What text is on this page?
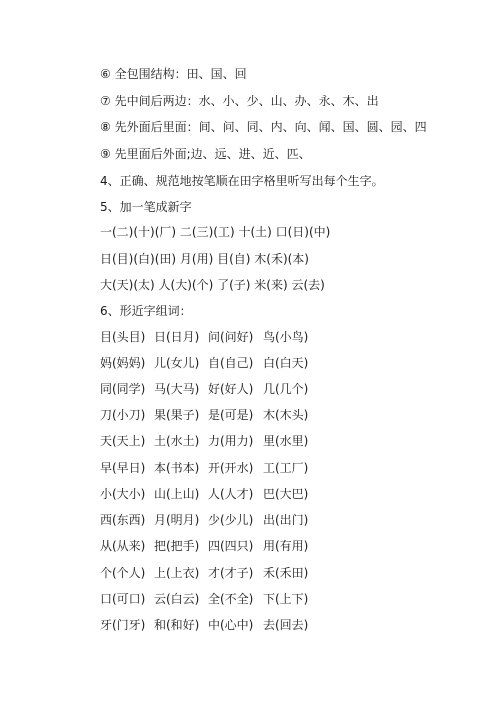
⑥ 全包围结构：田、国、回
⑦ 先中间后两边：水、小、少、山、办、永、木、出
⑧ 先外面后里面：间、问、同、内、向、闻、国、圆、园、四
⑨ 先里面后外面;边、远、进、近、匹、
4、正确、规范地按笔顺在田字格里听写出每个生字。
5、加一笔成新字
一(二)(十)(厂) 二(三)(工) 十(土) 口(日)(中)
日(目)(白)(田) 月(用) 目(自) 木(禾)(本)
大(天)(太) 人(大)(个) 了(子) 米(来) 云(去)
6、形近字组词：
目(头目) 日(日月) 问(问好) 鸟(小鸟)
妈(妈妈) 儿(女儿) 自(自己) 白(白天)
同(同学) 马(大马) 好(好人) 几(几个)
刀(小刀) 果(果子) 是(可是) 木(木头)
天(天上) 土(水土) 力(用力) 里(水里)
早(早日) 本(书本) 开(开水) 工(工厂)
小(大小) 山(上山) 人(人才) 巴(大巴)
西(东西) 月(明月) 少(少儿) 出(出门)
从(从来) 把(把手) 四(四只) 用(有用)
个(个人) 上(上衣) 才(才子) 禾(禾田)
口(可口) 云(白云) 全(不全) 下(上下)
牙(门牙) 和(和好) 中(心中) 去(回去)
